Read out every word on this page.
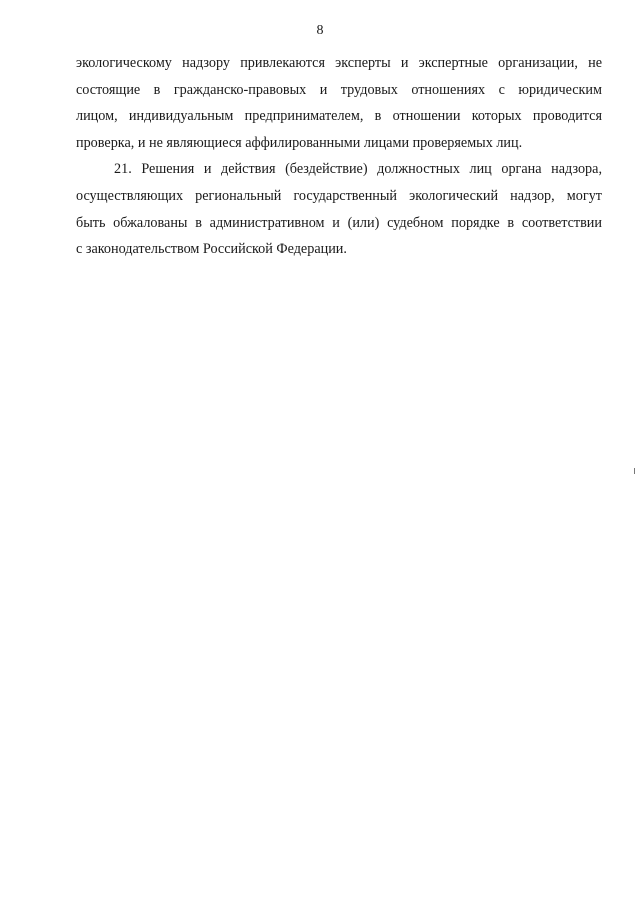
8
экологическому надзору привлекаются эксперты и экспертные организации, не
состоящие в гражданско-правовых и трудовых отношениях с юридическим
лицом, индивидуальным предпринимателем, в отношении которых проводится
проверка, и не являющиеся аффилированными лицами проверяемых лиц.
21. Решения и действия (бездействие) должностных лиц органа надзора,
осуществляющих региональный государственный экологический надзор, могут
быть обжалованы в административном и (или) судебном порядке в соответствии
с законодательством Российской Федерации.
